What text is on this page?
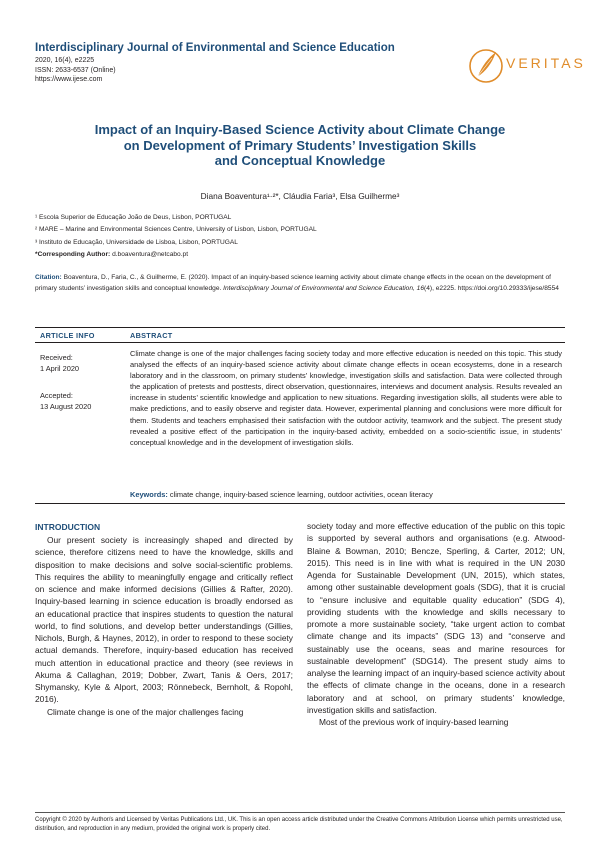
Interdisciplinary Journal of Environmental and Science Education
2020, 16(4), e2225
ISSN: 2633-6537 (Online)
https://www.ijese.com
VERITAS
Impact of an Inquiry-Based Science Activity about Climate Change
on Development of Primary Students’ Investigation Skills
and Conceptual Knowledge
Diana Boaventura¹·²*, Cláudia Faria³, Elsa Guilherme³
¹ Escola Superior de Educação João de Deus, Lisbon, PORTUGAL
² MARE – Marine and Environmental Sciences Centre, University of Lisbon, Lisbon, PORTUGAL
³ Instituto de Educação, Universidade de Lisboa, Lisbon, PORTUGAL
*Corresponding Author: d.boaventura@netcabo.pt
Citation: Boaventura, D., Faria, C., & Guilherme, E. (2020). Impact of an inquiry-based science learning activity about climate change effects in the ocean on the development of primary students’ investigation skills and conceptual knowledge. Interdisciplinary Journal of Environmental and Science Education, 16(4), e2225. https://doi.org/10.29333/ijese/8554
ARTICLE INFO	ABSTRACT
Received:
1 April 2020
Accepted:
13 August 2020
Climate change is one of the major challenges facing society today and more effective education is needed on this topic. This study analysed the effects of an inquiry-based science activity about climate change effects in ocean ecosystems, done in a research laboratory and in the classroom, on primary students’ knowledge, investigation skills and satisfaction. Data were collected through the application of pretests and posttests, direct observation, questionnaires, interviews and document analysis. Results revealed an increase in students’ scientific knowledge and application to new situations. Regarding investigation skills, all students were able to make predictions, and to easily observe and register data. However, experimental planning and conclusions were more difficult for them. Students and teachers emphasised their satisfaction with the outdoor activity, teamwork and the subject. The present study revealed a positive effect of the participation in the inquiry-based activity, embedded on a socio-scientific issue, in students’ conceptual knowledge and in the development of investigation skills.
Keywords: climate change, inquiry-based science learning, outdoor activities, ocean literacy
INTRODUCTION

Our present society is increasingly shaped and directed by science, therefore citizens need to have the knowledge, skills and disposition to make decisions and solve social-scientific problems. This requires the ability to meaningfully engage and critically reflect on science and make informed decisions (Gillies & Rafter, 2020). Inquiry-based learning in science education is broadly endorsed as an educational practice that inspires students to question the natural world, to find solutions, and develop better understandings (Gillies, Nichols, Burgh, & Haynes, 2012), in order to respond to these society actual demands. Therefore, inquiry-based education has received much attention in educational practice and theory (see reviews in Akuma & Callaghan, 2019; Dobber, Zwart, Tanis & Oers, 2017; Shymansky, Kyle & Alport, 2003; Rönnebeck, Bernholt, & Ropohl, 2016).

Climate change is one of the major challenges facing

society today and more effective education of the public on this topic is supported by several authors and organisations (e.g. Atwood-Blaine & Bowman, 2010; Bencze, Sperling, & Carter, 2012; UN, 2015). This need is in line with what is required in the UN 2030 Agenda for Sustainable Development (UN, 2015), which states, among other sustainable development goals (SDG), that it is crucial to “ensure inclusive and equitable quality education” (SDG 4), providing students with the knowledge and skills necessary to promote a more sustainable society, “take urgent action to combat climate change and its impacts” (SDG 13) and “conserve and sustainably use the oceans, seas and marine resources for sustainable development” (SDG14). The present study aims to analyse the learning impact of an inquiry-based science activity about the effects of climate change in the oceans, done in a research laboratory and at school, on primary students’ knowledge, investigation skills and satisfaction.

Most of the previous work of inquiry-based learning

Copyright © 2020 by Author/s and Licensed by Veritas Publications Ltd., UK. This is an open access article distributed under the Creative Commons Attribution License which permits unrestricted use, distribution, and reproduction in any medium, provided the original work is properly cited.
